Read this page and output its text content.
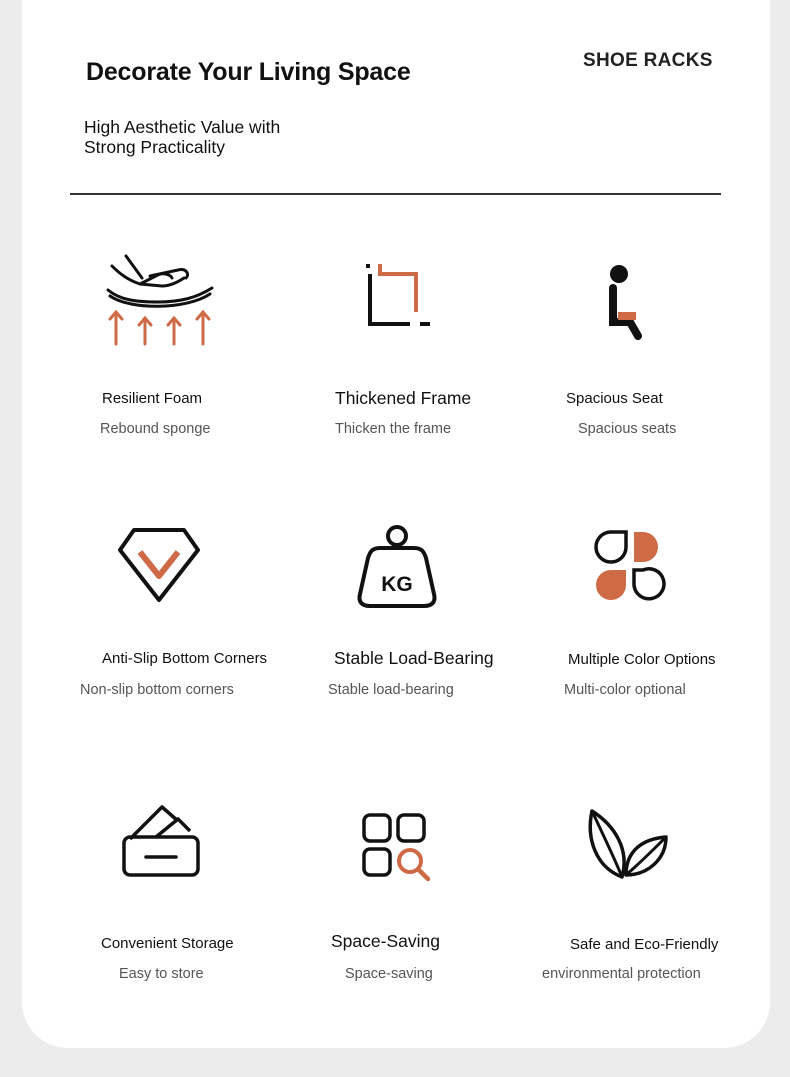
Decorate Your Living Space
High Aesthetic Value with Strong Practicality
SHOE RACKS
Resilient Foam
Rebound sponge
Thickened Frame
Thicken the frame
Spacious Seat
Spacious seats
Anti-Slip Bottom Corners
Non-slip bottom corners
KG
Stable Load-Bearing
Stable load-bearing
Multiple Color Options
Multi-color optional
Convenient Storage
Easy to store
Space-Saving
Space-saving
Safe and Eco-Friendly
environmental protection
